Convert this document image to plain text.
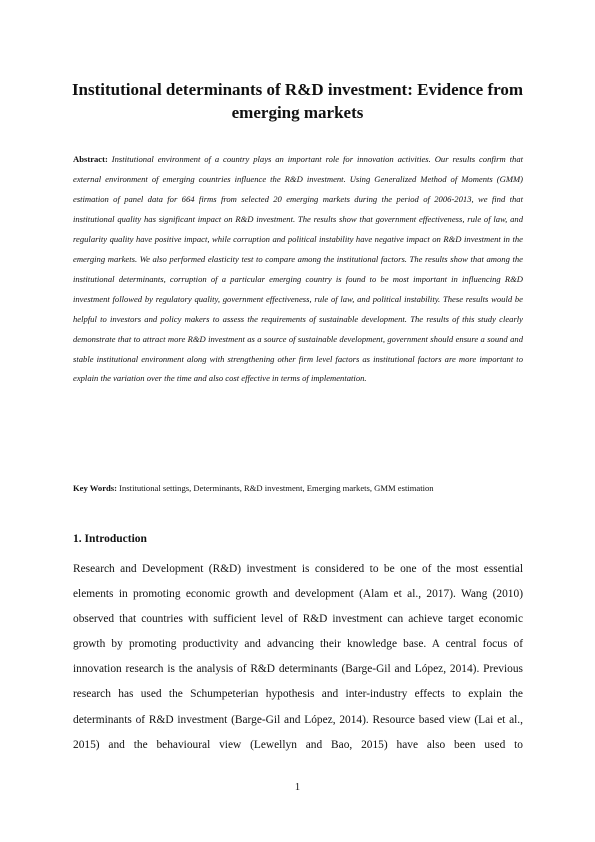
Institutional determinants of R&D investment: Evidence from emerging markets
Abstract: Institutional environment of a country plays an important role for innovation activities. Our results confirm that external environment of emerging countries influence the R&D investment. Using Generalized Method of Moments (GMM) estimation of panel data for 664 firms from selected 20 emerging markets during the period of 2006-2013, we find that institutional quality has significant impact on R&D investment. The results show that government effectiveness, rule of law, and regularity quality have positive impact, while corruption and political instability have negative impact on R&D investment in the emerging markets. We also performed elasticity test to compare among the institutional factors. The results show that among the institutional determinants, corruption of a particular emerging country is found to be most important in influencing R&D investment followed by regulatory quality, government effectiveness, rule of law, and political instability. These results would be helpful to investors and policy makers to assess the requirements of sustainable development. The results of this study clearly demonstrate that to attract more R&D investment as a source of sustainable development, government should ensure a sound and stable institutional environment along with strengthening other firm level factors as institutional factors are more important to explain the variation over the time and also cost effective in terms of implementation.
Key Words: Institutional settings, Determinants, R&D investment, Emerging markets, GMM estimation
1. Introduction
Research and Development (R&D) investment is considered to be one of the most essential elements in promoting economic growth and development (Alam et al., 2017). Wang (2010) observed that countries with sufficient level of R&D investment can achieve target economic growth by promoting productivity and advancing their knowledge base. A central focus of innovation research is the analysis of R&D determinants (Barge-Gil and López, 2014). Previous research has used the Schumpeterian hypothesis and inter-industry effects to explain the determinants of R&D investment (Barge-Gil and López, 2014). Resource based view (Lai et al., 2015) and the behavioural view (Lewellyn and Bao, 2015) have also been used to
1
